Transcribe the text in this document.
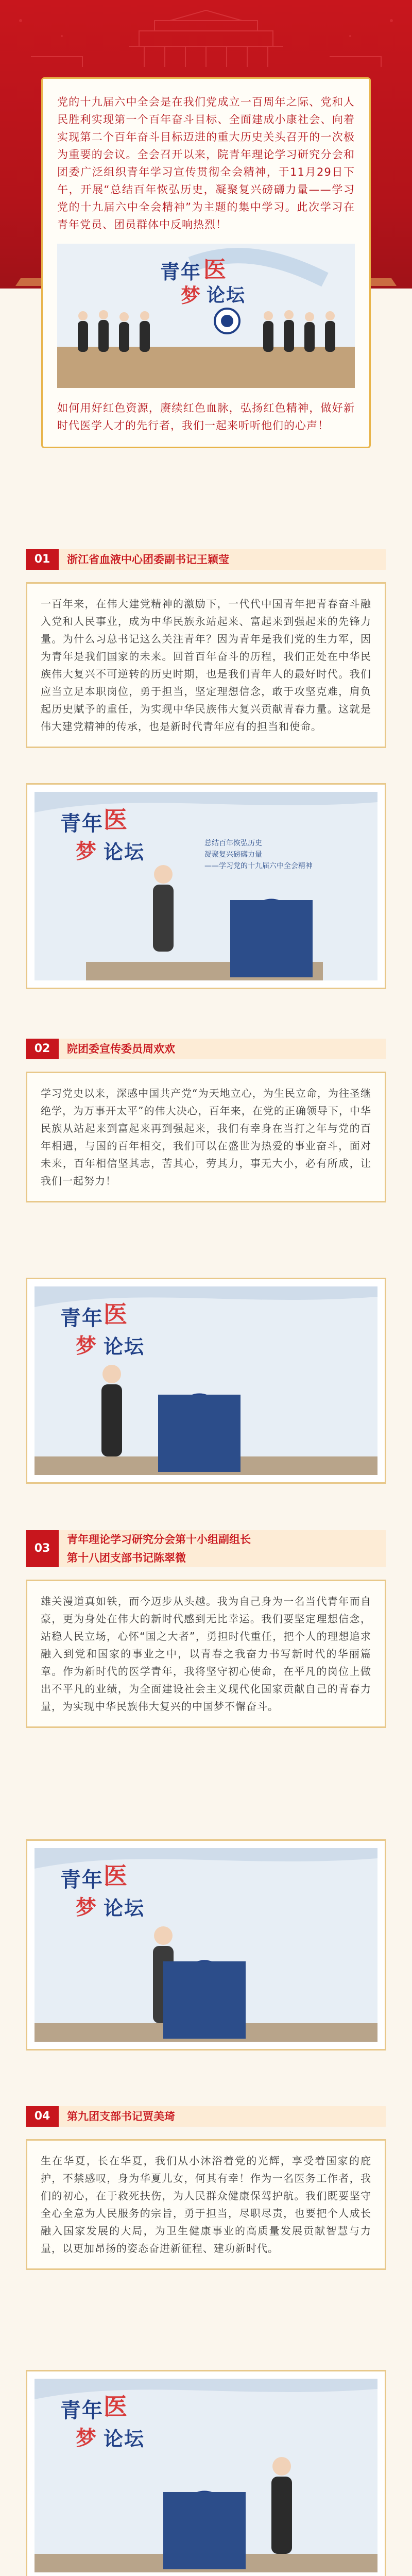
党的十九届六中全会是在我们党成立一百周年之际、党和人民胜利实现第一个百年奋斗目标、全面建成小康社会、向着实现第二个百年奋斗目标迈进的重大历史关头召开的一次极为重要的会议。全会召开以来，院青年理论学习研究分会和团委广泛组织青年学习宣传贯彻全会精神，于11月29日下午，开展“总结百年恢弘历史，凝聚复兴磅礴力量——学习党的十九届六中全会精神”为主题的集中学习。此次学习在青年党员、团员群体中反响热烈！

青年 医
梦 论坛

如何用好红色资源，赓续红色血脉，弘扬红色精神，做好新时代医学人才的先行者，我们一起来听听他们的心声！

01	浙江省血液中心团委副书记王颖莹

一百年来，在伟大建党精神的激励下，一代代中国青年把青春奋斗融入党和人民事业，成为中华民族永站起来、富起来到强起来的先锋力量。为什么习总书记这么关注青年？因为青年是我们党的生力军，因为青年是我们国家的未来。回首百年奋斗的历程，我们正处在中华民族伟大复兴不可逆转的历史时期，也是我们青年人的最好时代。我们应当立足本职岗位，勇于担当，坚定理想信念，敢于攻坚克难，肩负起历史赋予的重任，为实现中华民族伟大复兴贡献青春力量。这就是伟大建党精神的传承，也是新时代青年应有的担当和使命。

青年 医
梦 论坛	总结百年恢弘历史
凝聚复兴磅礴力量
——学习党的十九届六中全会精神
02	院团委宣传委员周欢欢

学习党史以来，深感中国共产党“为天地立心，为生民立命，为往圣继绝学，为万事开太平”的伟大决心，百年来，在党的正确领导下，中华民族从站起来到富起来再到强起来，我们有幸身在当打之年与党的百年相遇，与国的百年相交，我们可以在盛世为热爱的事业奋斗，面对未来，百年相信坚其志，苦其心，劳其力，事无大小，必有所成，让我们一起努力！

青年 医
梦 论坛
03
青年理论学习研究分会第十小组副组长
第十八团支部书记陈翠微

雄关漫道真如铁，而今迈步从头越。我为自己身为一名当代青年而自豪，更为身处在伟大的新时代感到无比幸运。我们要坚定理想信念，站稳人民立场，心怀“国之大者”，勇担时代重任，把个人的理想追求融入到党和国家的事业之中，以青春之我奋力书写新时代的华丽篇章。作为新时代的医学青年，我将坚守初心使命，在平凡的岗位上做出不平凡的业绩，为全面建设社会主义现代化国家贡献自己的青春力量，为实现中华民族伟大复兴的中国梦不懈奋斗。

青年 医
梦 论坛
04	第九团支部书记贾美琦

生在华夏，长在华夏，我们从小沐浴着党的光辉，享受着国家的庇护，不禁感叹，身为华夏儿女，何其有幸！作为一名医务工作者，我们的初心，在于救死扶伤，为人民群众健康保驾护航。我们既要坚守全心全意为人民服务的宗旨，勇于担当，尽职尽责，也要把个人成长融入国家发展的大局，为卫生健康事业的高质量发展贡献智慧与力量，以更加昂扬的姿态奋进新征程、建功新时代。

青年 医
梦 论坛
